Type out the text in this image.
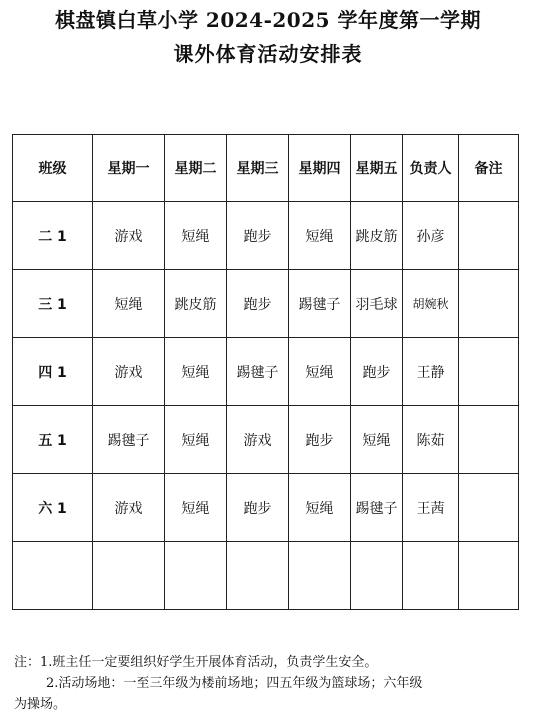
棋盘镇白草小学 2024-2025 学年度第一学期
课外体育活动安排表
班级	星期一	星期二	星期三	星期四	星期五	负责人	备注
二 1	游戏	短绳	跑步	短绳	跳皮筋	孙彦	
三 1	短绳	跳皮筋	跑步	踢毽子	羽毛球	胡婉秋	
四 1	游戏	短绳	踢毽子	短绳	跑步	王静	
五 1	踢毽子	短绳	游戏	跑步	短绳	陈茹	
六 1	游戏	短绳	跑步	短绳	踢毽子	王茜	

注：1.班主任一定要组织好学生开展体育活动，负责学生安全。

2.活动场地：一至三年级为楼前场地；四五年级为篮球场；六年级

为操场。
